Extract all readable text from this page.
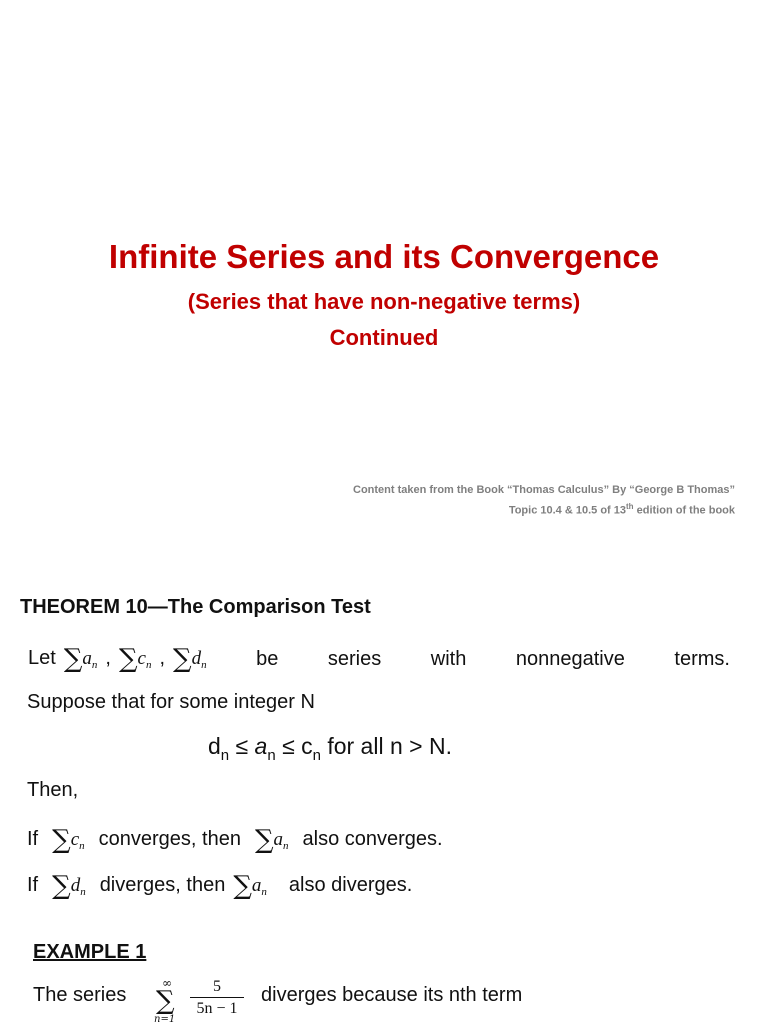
Infinite Series and its Convergence
(Series that have non-negative terms)
Continued
Content taken from the Book “Thomas Calculus” By “George B Thomas”
Topic 10.4 & 10.5 of 13th edition of the book
THEOREM 10—The Comparison Test
Let $\sum a_n$ , $\sum c_n$ , $\sum d_n$ be series with nonnegative terms.
Suppose that for some integer N
$d_n \le a_n \le c_n$ for all n > N.
Then,
If $\sum c_n$ converges, then $\sum a_n$ also converges.
If $\sum d_n$ diverges, then $\sum a_n$ also diverges.
EXAMPLE 1
The series
∞
∑
n=1
$\frac{5}{5n - 1}$ diverges because its nth term
